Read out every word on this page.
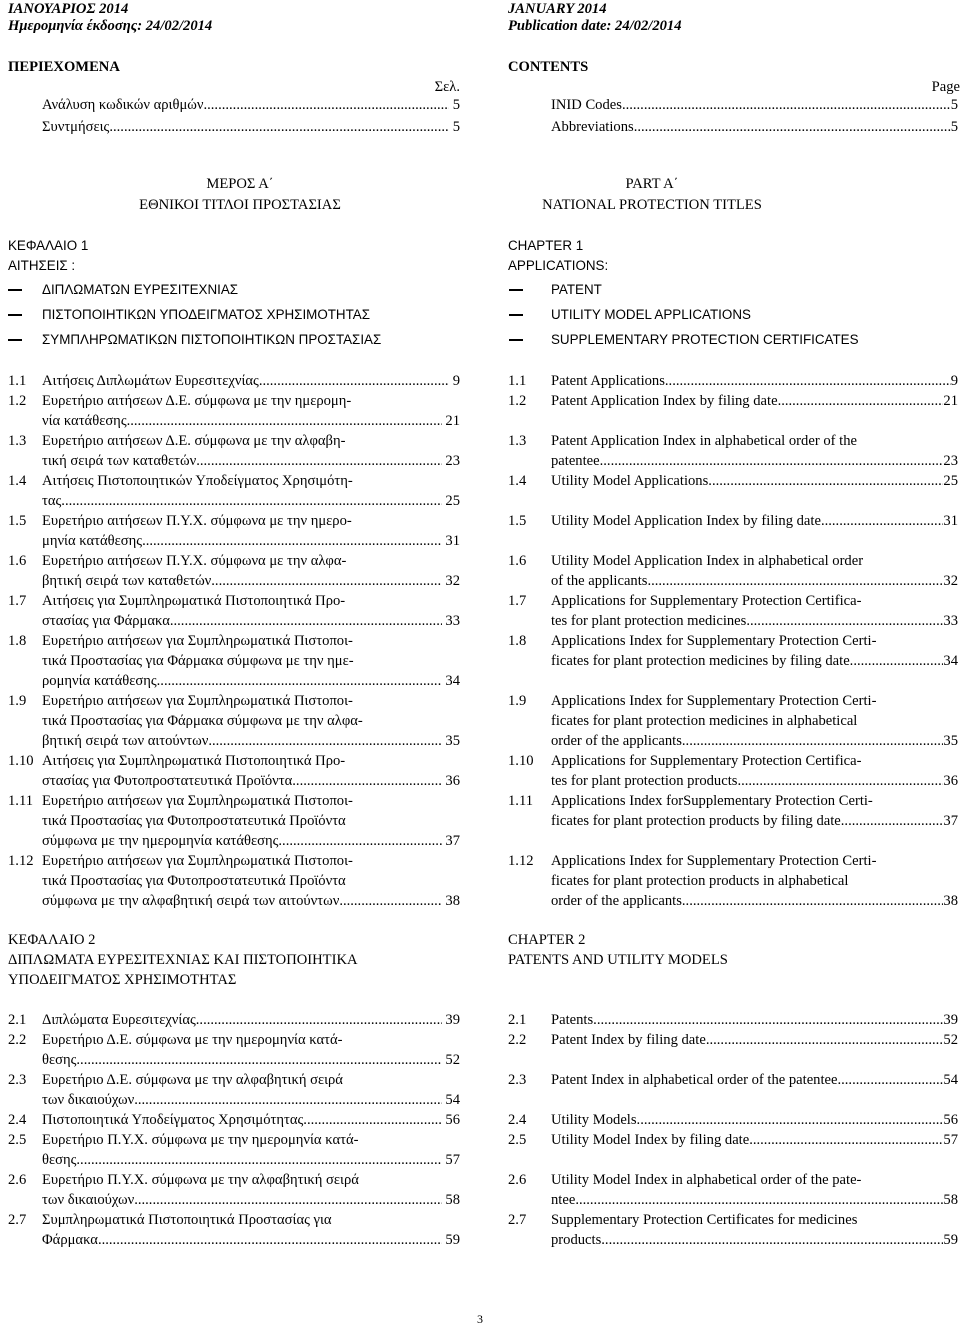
ΙΑΝΟΥΑΡΙΟΣ 2014
Ημερομηνία έκδοσης: 24/02/2014
JANUARY 2014
Publication date: 24/02/2014
ΠΕΡΙΕΧΟΜΕΝΑ
Σελ.
Ανάλυση κωδικών αριθμών .....	5
Συντμήσεις .....	5
CONTENTS
Page
INID Codes .....	5
Abbreviations .....	5
ΜΕΡΟΣ Α΄
ΕΘΝΙΚΟΙ ΤΙΤΛΟΙ ΠΡΟΣΤΑΣΙΑΣ
PART A΄
NATIONAL PROTECTION TITLES
ΚΕΦΑΛΑΙΟ 1
ΑΙΤΗΣΕΙΣ :
ΔΙΠΛΩΜΑΤΩΝ ΕΥΡΕΣΙΤΕΧΝΙΑΣ
ΠΙΣΤΟΠΟΙΗΤΙΚΩΝ ΥΠΟΔΕΙΓΜΑΤΟΣ ΧΡΗΣΙΜΟΤΗΤΑΣ
ΣΥΜΠΛΗΡΩΜΑΤΙΚΩΝ ΠΙΣΤΟΠΟΙΗΤΙΚΩΝ ΠΡΟΣΤΑΣΙΑΣ
CHAPTER 1
APPLICATIONS:
PATENT
UTILITY MODEL APPLICATIONS
SUPPLEMENTARY PROTECTION CERTIFICATES
ΚΕΦΑΛΑΙΟ 2
ΔΙΠΛΩΜΑΤΑ ΕΥΡΕΣΙΤΕΧΝΙΑΣ ΚΑΙ ΠΙΣΤΟΠΟΙΗΤΙΚΑ
ΥΠΟΔΕΙΓΜΑΤΟΣ ΧΡΗΣΙΜΟΤΗΤΑΣ
CHAPTER 2
PATENTS AND UTILITY MODELS
3
1.1 Αιτήσεις Διπλωμάτων Ευρεσιτεχνίας .....	9
1.2 Ευρετήριο αιτήσεων Δ.Ε. σύμφωνα με την ημερομη-
νία κατάθεσης .....	21
1.3 Ευρετήριο αιτήσεων Δ.Ε. σύμφωνα με την αλφαβη-
τική σειρά των καταθετών .....	23
1.4 Αιτήσεις Πιστοποιητικών Υποδείγματος Χρησιμότη-
τας .....	25
1.5 Ευρετήριο αιτήσεων Π.Υ.Χ. σύμφωνα με την ημερο-
μηνία κατάθεσης .....	31
1.6 Ευρετήριο αιτήσεων Π.Υ.Χ. σύμφωνα με την αλφα-
βητική σειρά των καταθετών .....	32
1.7 Αιτήσεις για Συμπληρωματικά Πιστοποιητικά Προ-
στασίας για Φάρμακα .....	33
1.8 Ευρετήριο αιτήσεων για Συμπληρωματικά Πιστοποι-
τικά Προστασίας για Φάρμακα σύμφωνα με την ημε-
ρομηνία κατάθεσης .....	34
1.9 Ευρετήριο αιτήσεων για Συμπληρωματικά Πιστοποι-
τικά Προστασίας για Φάρμακα σύμφωνα με την αλφα-
βητική σειρά των αιτούντων .....	35
1.10 Αιτήσεις για Συμπληρωματικά Πιστοποιητικά Προ-
στασίας για Φυτοπροστατευτικά Προϊόντα .....	36
1.11 Ευρετήριο αιτήσεων για Συμπληρωματικά Πιστοποι-
τικά Προστασίας για Φυτοπροστατευτικά Προϊόντα
σύμφωνα με την ημερομηνία κατάθεσης .....	37
1.12 Ευρετήριο αιτήσεων για Συμπληρωματικά Πιστοποι-
τικά Προστασίας για Φυτοπροστατευτικά Προϊόντα
σύμφωνα με την αλφαβητική σειρά των αιτούντων .....	38
1.1 Patent Applications .....	9
1.2 Patent Application Index by filing date .....	21
1.3 Patent Application Index in alphabetical order of the
patentee .....	23
1.4 Utility Model Applications .....	25
1.5 Utility Model Application Index by filing date .....	31
1.6 Utility Model Application Index in alphabetical order
of the applicants .....	32
1.7 Applications for Supplementary Protection Certifica-
tes for plant protection medicines .....	33
1.8 Applications Index for Supplementary Protection Certi-
ficates for plant protection medicines by filing date .....	34
1.9 Applications Index for Supplementary Protection Certi-
ficates for plant protection medicines in alphabetical
order of the applicants .....	35
1.10 Applications for Supplementary Protection Certifica-
tes for plant protection products .....	36
1.11 Applications Index forSupplementary Protection Certi-
ficates for plant protection products by filing date. .....	37
1.12 Applications Index for Supplementary Protection Certi-
ficates for plant protection products in alphabetical
order of the applicants .....	38
2.1 Διπλώματα Ευρεσιτεχνίας .....	39
2.2 Ευρετήριο Δ.Ε. σύμφωνα με την ημερομηνία κατά-
θεσης .....	52
2.3 Ευρετήριο Δ.Ε. σύμφωνα με την αλφαβητική σειρά
των δικαιούχων .....	54
2.4 Πιστοποιητικά Υποδείγματος Χρησιμότητας .....	56
2.5 Ευρετήριο Π.Υ.Χ. σύμφωνα με την ημερομηνία κατά-
θεσης .....	57
2.6 Ευρετήριο Π.Υ.Χ. σύμφωνα με την αλφαβητική σειρά
των δικαιούχων .....	58
2.7 Συμπληρωματικά Πιστοποιητικά Προστασίας για
Φάρμακα .....	59
2.1 Patents .....	39
2.2 Patent Index by filing date .....	52
2.3 Patent Index in alphabetical order of the patentee .....	54
2.4 Utility Models .....	56
2.5 Utility Model Index by filing date .....	57
2.6 Utility Model Index in alphabetical order of the pate-
ntee .....	58
2.7 Supplementary Protection Certificates for medicines
products .....	59
